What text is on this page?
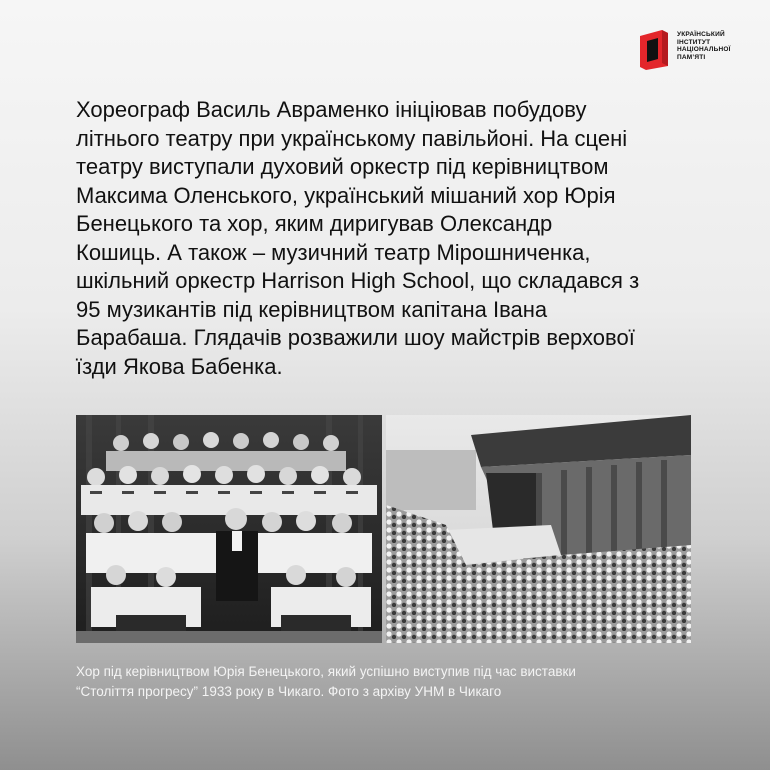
УКРАЇНСЬКИЙ
ІНСТИТУТ
НАЦІОНАЛЬНОЇ
ПАМ’ЯТІ

Хореограф Василь Авраменко ініціював побудову
літнього театру при українському павільйоні. На сцені
театру виступали духовий оркестр під керівництвом
Максима Оленського, український мішаний хор Юрія
Бенецького та хор, яким диригував Олександр
Кошиць. А також – музичний театр Мірошниченка,
шкільний оркестр Harrison High School, що складався з
95 музикантів під керівництвом капітана Івана
Барабаша. Глядачів розважили шоу майстрів верхової
їзди Якова Бабенка.

Хор під керівництвом Юрія Бенецького, який успішно виступив під час виставки
“Століття прогресу” 1933 року в Чикаго. Фото з архіву УНМ в Чикаго
